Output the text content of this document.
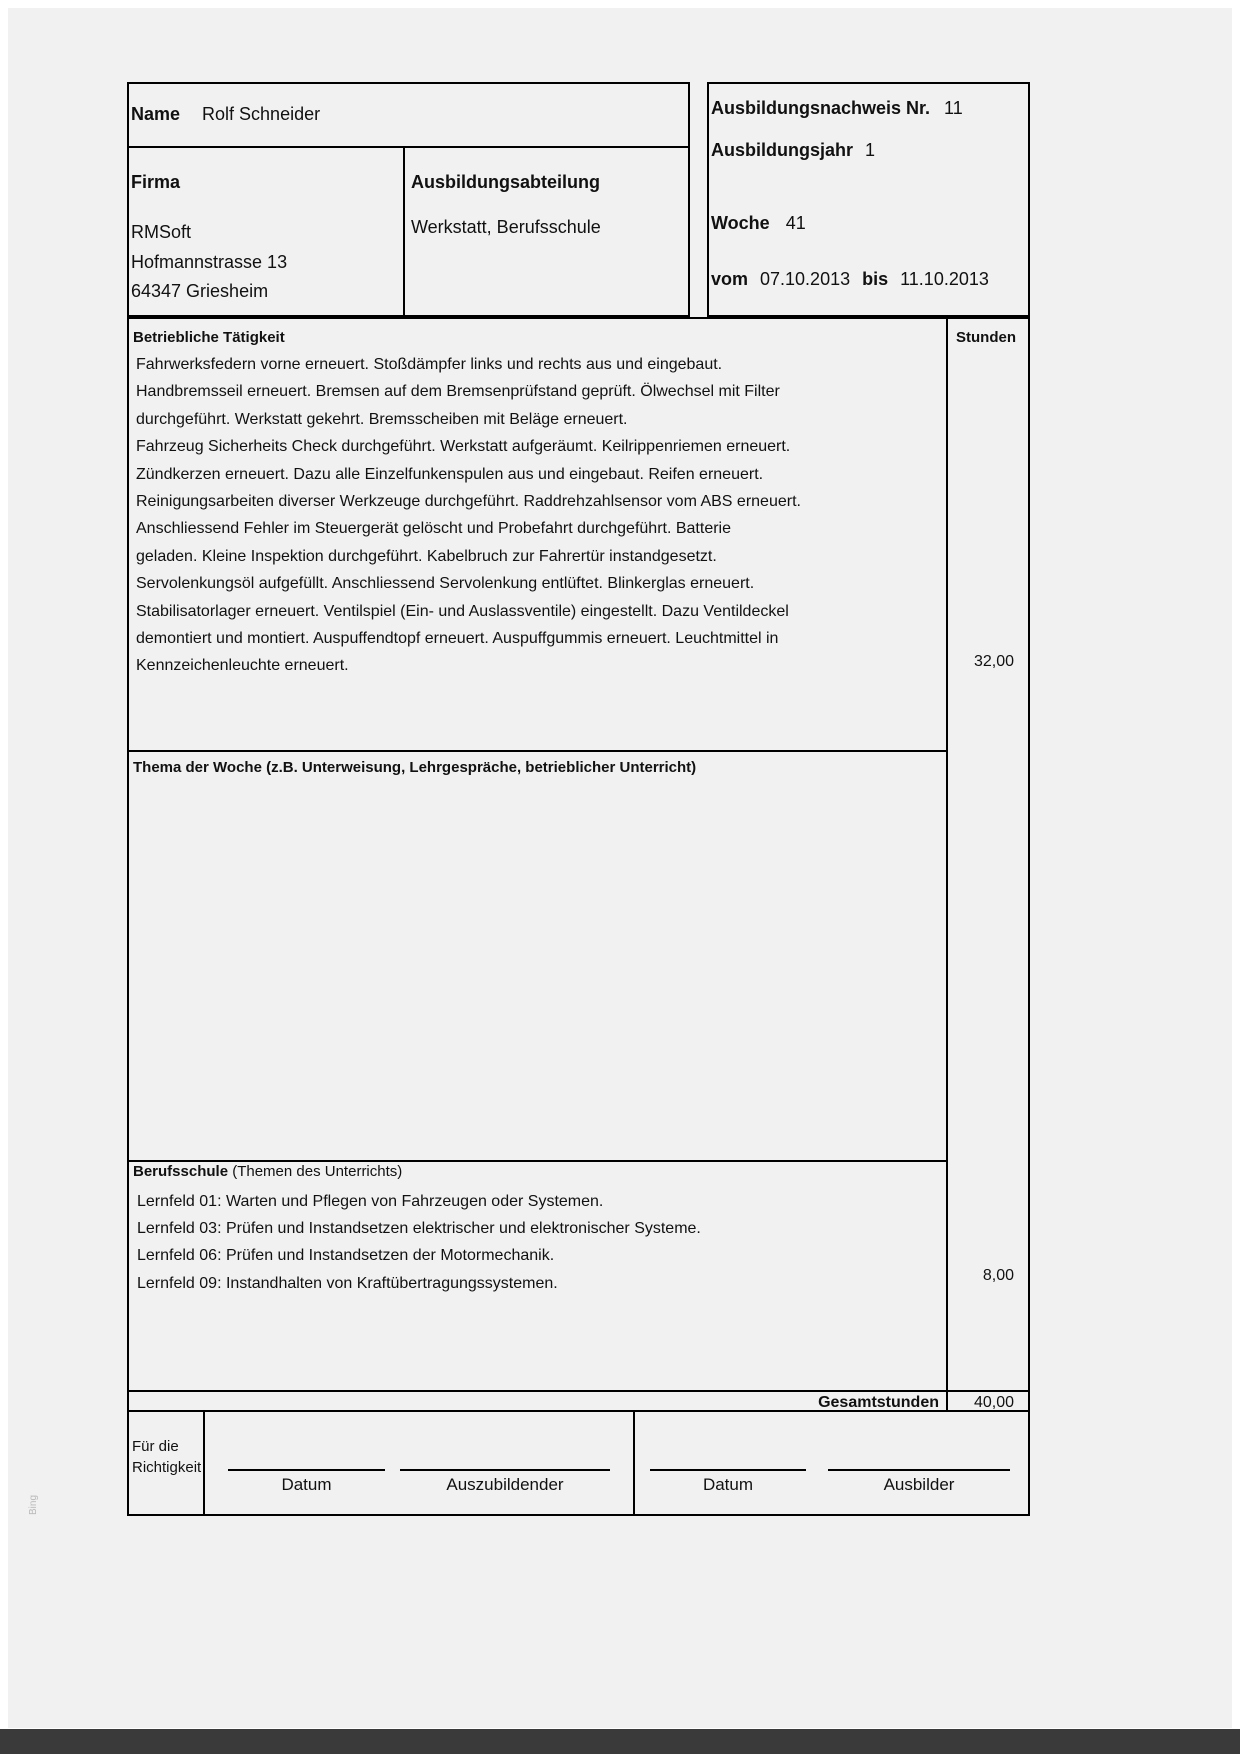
Bing
Name Rolf Schneider
Firma
RMSoft
Hofmannstrasse 13
64347 Griesheim
Ausbildungsabteilung
Werkstatt, Berufsschule
Ausbildungsnachweis Nr. 11
Ausbildungsjahr 1
Woche 41
vom 07.10.2013 bis 11.10.2013
Betriebliche Tätigkeit	Stunden
Fahrwerksfedern vorne erneuert. Stoßdämpfer links und rechts aus und eingebaut.
Handbremsseil erneuert. Bremsen auf dem Bremsenprüfstand geprüft. Ölwechsel mit Filter
durchgeführt. Werkstatt gekehrt. Bremsscheiben mit Beläge erneuert.
Fahrzeug Sicherheits Check durchgeführt. Werkstatt aufgeräumt. Keilrippenriemen erneuert.
Zündkerzen erneuert. Dazu alle Einzelfunkenspulen aus und eingebaut. Reifen erneuert.
Reinigungsarbeiten diverser Werkzeuge durchgeführt. Raddrehzahlsensor vom ABS erneuert.
Anschliessend Fehler im Steuergerät gelöscht und Probefahrt durchgeführt. Batterie
geladen. Kleine Inspektion durchgeführt. Kabelbruch zur Fahrertür instandgesetzt.
Servolenkungsöl aufgefüllt. Anschliessend Servolenkung entlüftet. Blinkerglas erneuert.
Stabilisatorlager erneuert. Ventilspiel (Ein- und Auslassventile) eingestellt. Dazu Ventildeckel
demontiert und montiert. Auspuffendtopf erneuert. Auspuffgummis erneuert. Leuchtmittel in
Kennzeichenleuchte erneuert.	32,00
Thema der Woche (z.B. Unterweisung, Lehrgespräche, betrieblicher Unterricht)
Berufsschule (Themen des Unterrichts)
Lernfeld 01: Warten und Pflegen von Fahrzeugen oder Systemen.
Lernfeld 03: Prüfen und Instandsetzen elektrischer und elektronischer Systeme.
Lernfeld 06: Prüfen und Instandsetzen der Motormechanik.
Lernfeld 09: Instandhalten von Kraftübertragungssystemen.	8,00
Gesamtstunden	40,00
Für die
Richtigkeit
Datum	Auszubildender	Datum	Ausbilder
